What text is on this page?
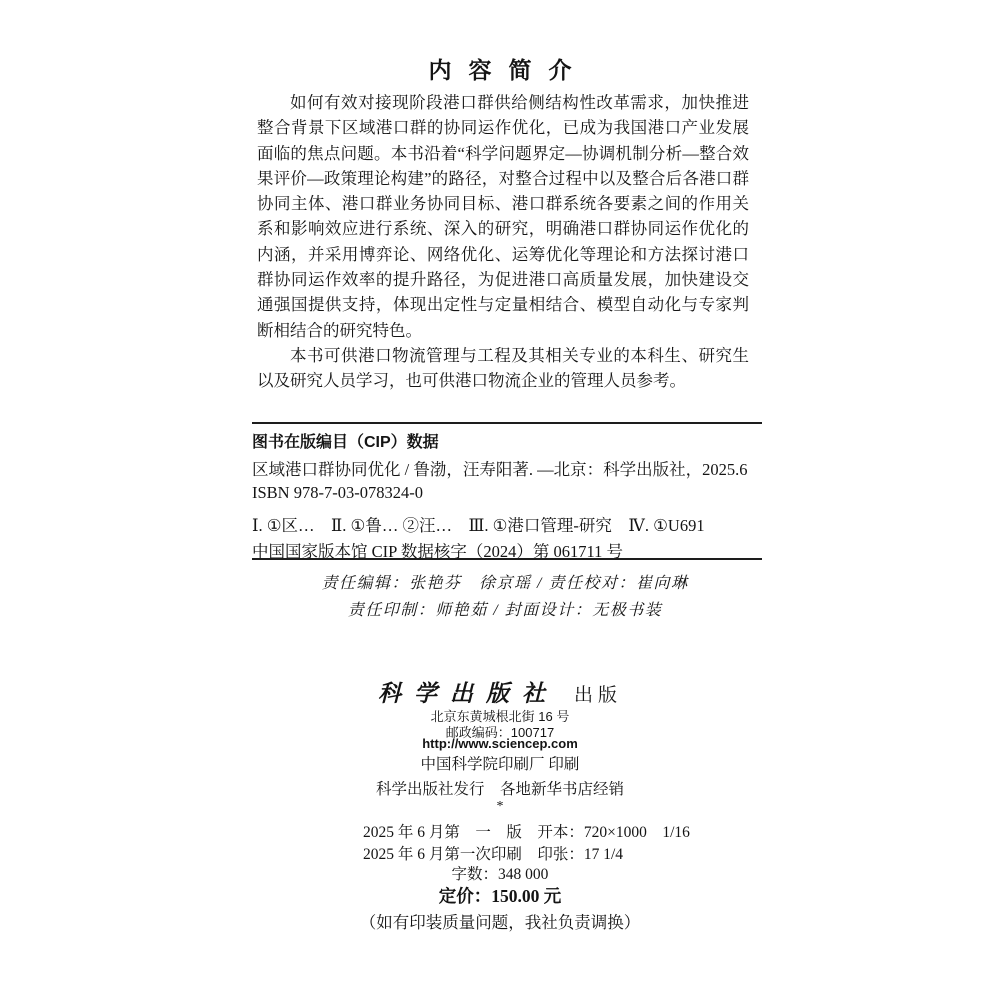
内容简介

如何有效对接现阶段港口群供给侧结构性改革需求，加快推进整合背景下区域港口群的协同运作优化，已成为我国港口产业发展面临的焦点问题。本书沿着“科学问题界定—协调机制分析—整合效果评价—政策理论构建”的路径，对整合过程中以及整合后各港口群协同主体、港口群业务协同目标、港口群系统各要素之间的作用关系和影响效应进行系统、深入的研究，明确港口群协同运作优化的内涵，并采用博弈论、网络优化、运筹优化等理论和方法探讨港口群协同运作效率的提升路径，为促进港口高质量发展，加快建设交通强国提供支持，体现出定性与定量相结合、模型自动化与专家判断相结合的研究特色。

本书可供港口物流管理与工程及其相关专业的本科生、研究生以及研究人员学习，也可供港口物流企业的管理人员参考。

图书在版编目（CIP）数据
区域港口群协同优化 / 鲁渤，汪寿阳著. —北京：科学出版社，2025.6
ISBN 978-7-03-078324-0
Ⅰ. ①区…　Ⅱ. ①鲁… ②汪…　Ⅲ. ①港口管理-研究　Ⅳ. ①U691
中国国家版本馆 CIP 数据核字（2024）第 061711 号
责任编辑：张艳芬　徐京瑶 / 责任校对：崔向琳
责任印制：师艳茹 / 封面设计：无极书装
科学出版社 出版
北京东黄城根北街 16 号
邮政编码：100717
http://www.sciencep.com
中国科学院印刷厂 印刷
科学出版社发行　各地新华书店经销
*
2025 年 6 月第　一　版　开本：720×1000　1/16
2025 年 6 月第一次印刷　印张：17 1/4
字数：348 000
定价：150.00 元
（如有印装质量问题，我社负责调换）
